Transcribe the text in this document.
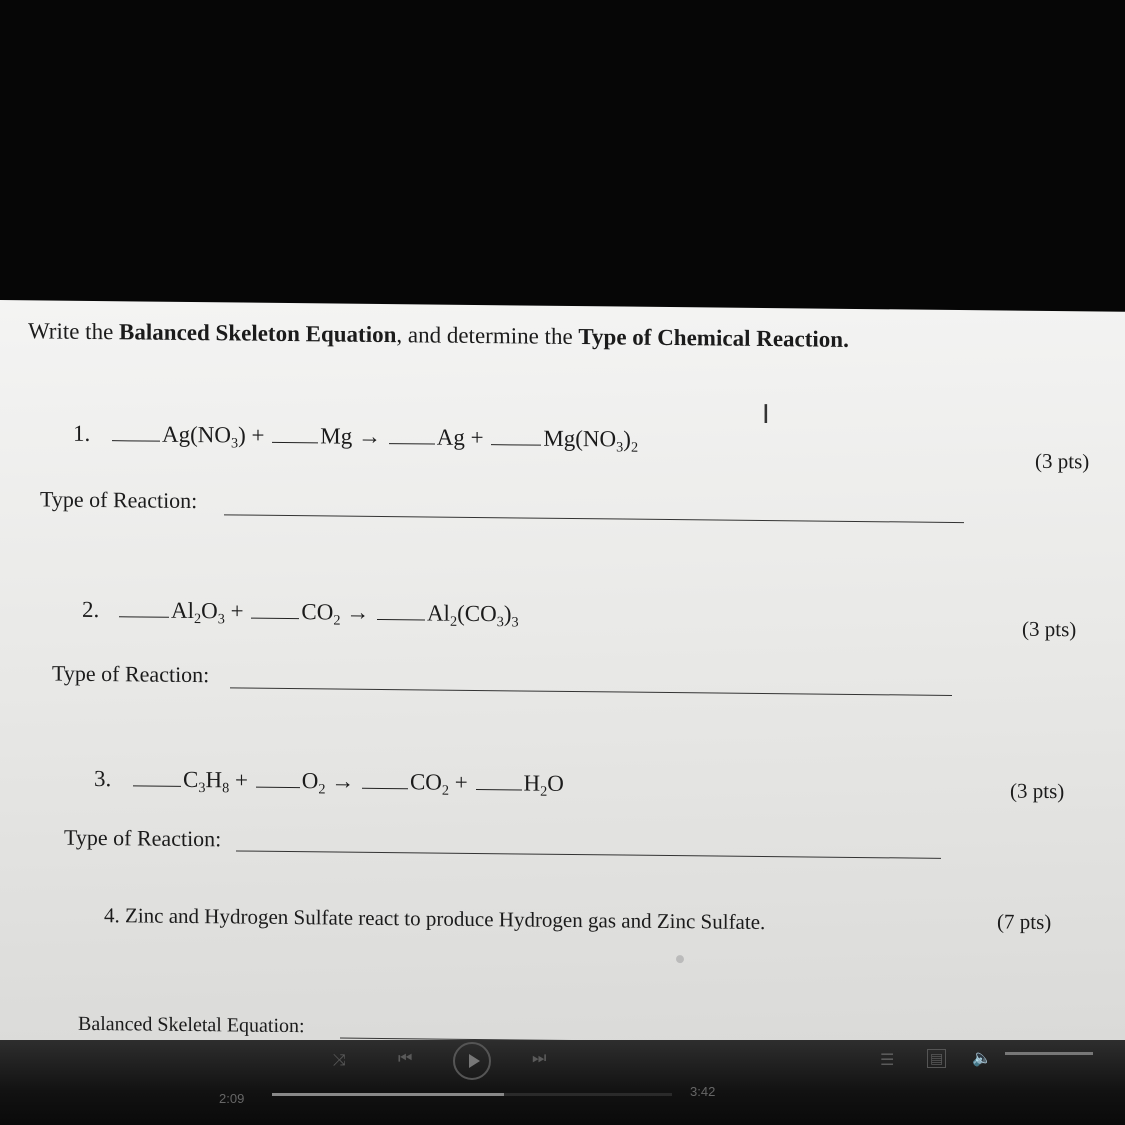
Write the Balanced Skeleton Equation, and determine the Type of Chemical Reaction.
I
1.	$Ag(NO_3) + Mg \to Ag$ +	$Mg(NO_3)_2$
(3 pts)
Type of Reaction:
2.	$Al_2O_3$ +	$CO_2$ →	$Al_2(CO_3)_3$	(3 pts)
Type of Reaction:
3.	$C_3H_8 + O_2 \to CO_2 + H_2O$	(3 pts)
Type of Reaction:
4. Zinc and Hydrogen Sulfate react to produce Hydrogen gas and Zinc Sulfate.	(7 pts)
Balanced Skeletal Equation:
⤨	⏮	⏭	☰	▤ 🔈
2:09	3:42
